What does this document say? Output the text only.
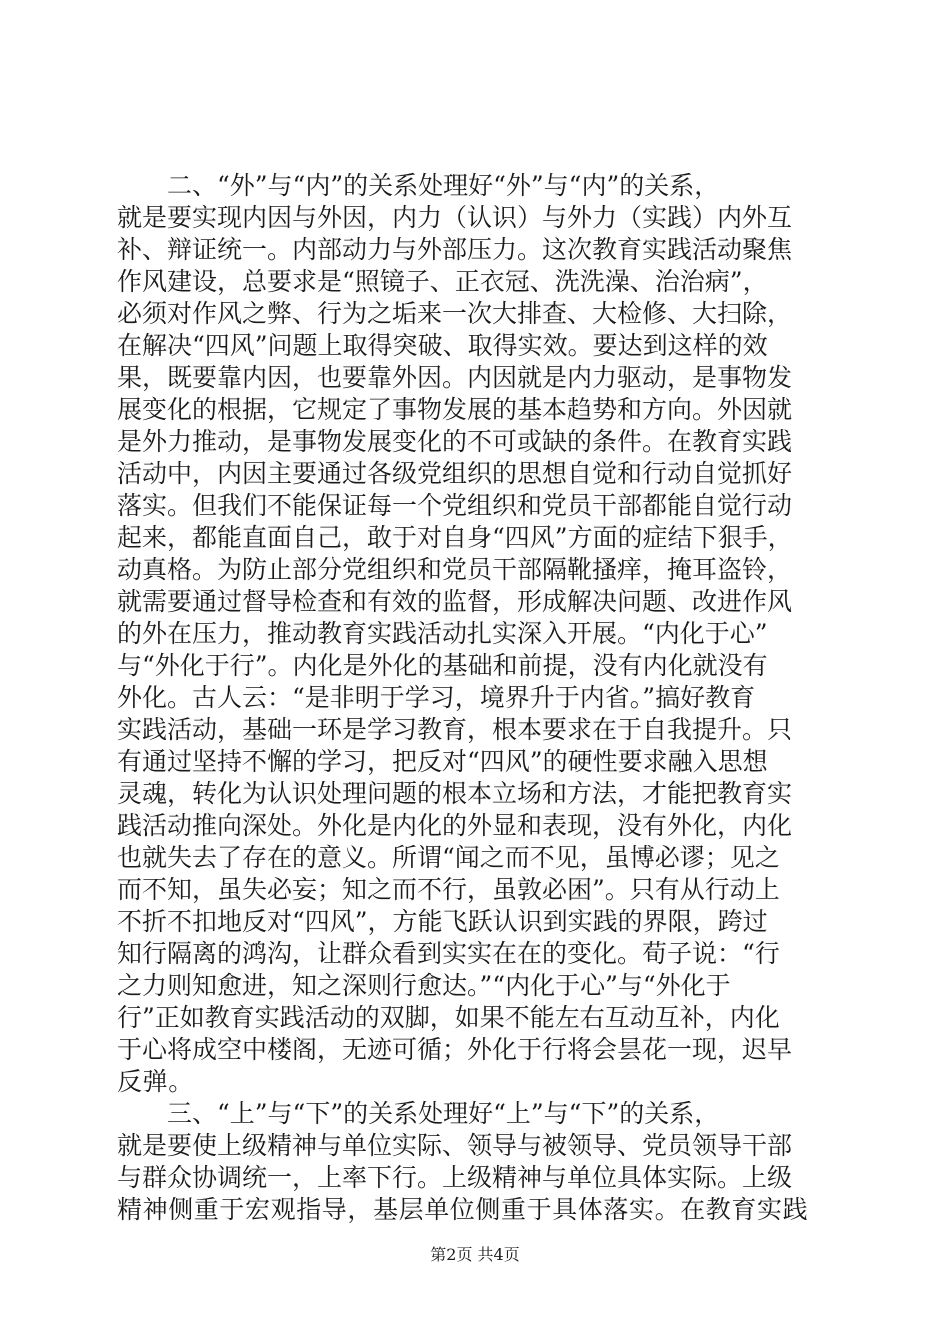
二、“外”与“内”的关系处理好“外”与“内”的关系，
就是要实现内因与外因，内力（认识）与外力（实践）内外互
补、辩证统一。内部动力与外部压力。这次教育实践活动聚焦
作风建设，总要求是“照镜子、正衣冠、洗洗澡、治治病”，
必须对作风之弊、行为之垢来一次大排查、大检修、大扫除，
在解决“四风”问题上取得突破、取得实效。要达到这样的效
果，既要靠内因，也要靠外因。内因就是内力驱动，是事物发
展变化的根据，它规定了事物发展的基本趋势和方向。外因就
是外力推动，是事物发展变化的不可或缺的条件。在教育实践
活动中，内因主要通过各级党组织的思想自觉和行动自觉抓好
落实。但我们不能保证每一个党组织和党员干部都能自觉行动
起来，都能直面自己，敢于对自身“四风”方面的症结下狠手，
动真格。为防止部分党组织和党员干部隔靴搔痒，掩耳盗铃，
就需要通过督导检查和有效的监督，形成解决问题、改进作风
的外在压力，推动教育实践活动扎实深入开展。“内化于心”
与“外化于行”。内化是外化的基础和前提，没有内化就没有
外化。古人云：“是非明于学习，境界升于内省。”搞好教育
实践活动，基础一环是学习教育，根本要求在于自我提升。只
有通过坚持不懈的学习，把反对“四风”的硬性要求融入思想
灵魂，转化为认识处理问题的根本立场和方法，才能把教育实
践活动推向深处。外化是内化的外显和表现，没有外化，内化
也就失去了存在的意义。所谓“闻之而不见，虽博必谬；见之
而不知，虽失必妄；知之而不行，虽敦必困”。只有从行动上
不折不扣地反对“四风”，方能飞跃认识到实践的界限，跨过
知行隔离的鸿沟，让群众看到实实在在的变化。荀子说：“行
之力则知愈进，知之深则行愈达。”“内化于心”与“外化于
行”正如教育实践活动的双脚，如果不能左右互动互补，内化
于心将成空中楼阁，无迹可循；外化于行将会昙花一现，迟早
反弹。
三、“上”与“下”的关系处理好“上”与“下”的关系，
就是要使上级精神与单位实际、领导与被领导、党员领导干部
与群众协调统一，上率下行。上级精神与单位具体实际。上级
精神侧重于宏观指导，基层单位侧重于具体落实。在教育实践
第2页 共4页
